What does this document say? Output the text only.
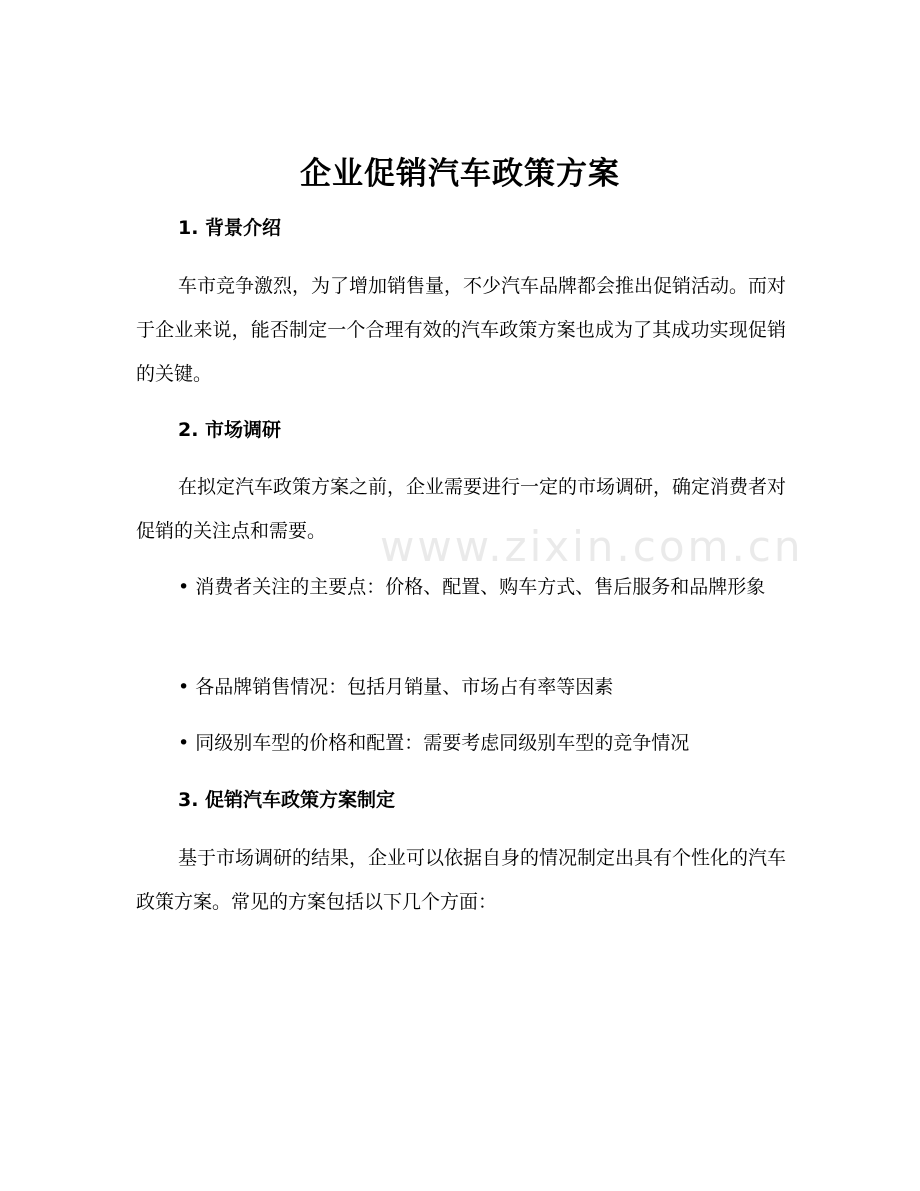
www.zixin.com.cn
企业促销汽车政策方案
1. 背景介绍
车市竞争激烈，为了增加销售量，不少汽车品牌都会推出促销活动。而对于企业来说，能否制定一个合理有效的汽车政策方案也成为了其成功实现促销的关键。
2. 市场调研
在拟定汽车政策方案之前，企业需要进行一定的市场调研，确定消费者对促销的关注点和需要。
• 消费者关注的主要点：价格、配置、购车方式、售后服务和品牌形象
• 各品牌销售情况：包括月销量、市场占有率等因素
• 同级别车型的价格和配置：需要考虑同级别车型的竞争情况
3. 促销汽车政策方案制定
基于市场调研的结果，企业可以依据自身的情况制定出具有个性化的汽车政策方案。常见的方案包括以下几个方面：
